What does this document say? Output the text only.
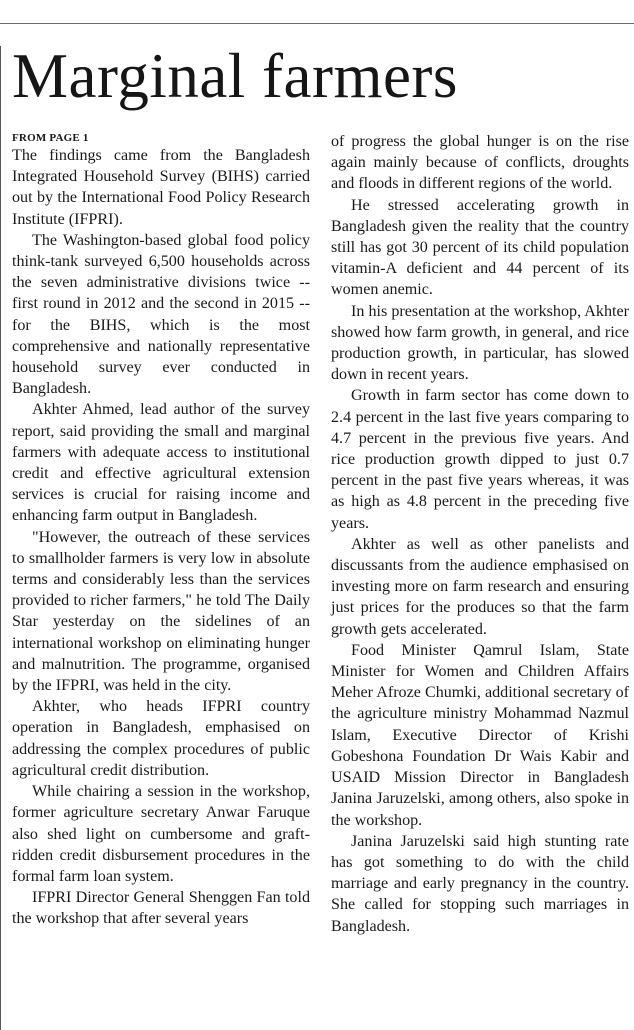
Marginal farmers
FROM PAGE 1

The findings came from the Bangladesh Integrated Household Survey (BIHS) carried out by the International Food Policy Research Institute (IFPRI).

The Washington-based global food policy think-tank surveyed 6,500 households across the seven administrative divisions twice -- first round in 2012 and the second in 2015 -- for the BIHS, which is the most comprehensive and nationally representative household survey ever conducted in Bangladesh.

Akhter Ahmed, lead author of the survey report, said providing the small and marginal farmers with adequate access to institutional credit and effective agricultural extension services is crucial for raising income and enhancing farm output in Bangladesh.

"However, the outreach of these services to smallholder farmers is very low in absolute terms and considerably less than the services provided to richer farmers," he told The Daily Star yesterday on the sidelines of an international workshop on eliminating hunger and malnutrition. The programme, organised by the IFPRI, was held in the city.

Akhter, who heads IFPRI country operation in Bangladesh, emphasised on addressing the complex procedures of public agricultural credit distribution.

While chairing a session in the workshop, former agriculture secretary Anwar Faruque also shed light on cumbersome and graft-ridden credit disbursement procedures in the formal farm loan system.

IFPRI Director General Shenggen Fan told the workshop that after several years

of progress the global hunger is on the rise again mainly because of conflicts, droughts and floods in different regions of the world.

He stressed accelerating growth in Bangladesh given the reality that the country still has got 30 percent of its child population vitamin-A deficient and 44 percent of its women anemic.

In his presentation at the workshop, Akhter showed how farm growth, in general, and rice production growth, in particular, has slowed down in recent years.

Growth in farm sector has come down to 2.4 percent in the last five years comparing to 4.7 percent in the previous five years. And rice production growth dipped to just 0.7 percent in the past five years whereas, it was as high as 4.8 percent in the preceding five years.

Akhter as well as other panelists and discussants from the audience emphasised on investing more on farm research and ensuring just prices for the produces so that the farm growth gets accelerated.

Food Minister Qamrul Islam, State Minister for Women and Children Affairs Meher Afroze Chumki, additional secretary of the agriculture ministry Mohammad Nazmul Islam, Executive Director of Krishi Gobeshona Foundation Dr Wais Kabir and USAID Mission Director in Bangladesh Janina Jaruzelski, among others, also spoke in the workshop.

Janina Jaruzelski said high stunting rate has got something to do with the child marriage and early pregnancy in the country. She called for stopping such marriages in Bangladesh.
